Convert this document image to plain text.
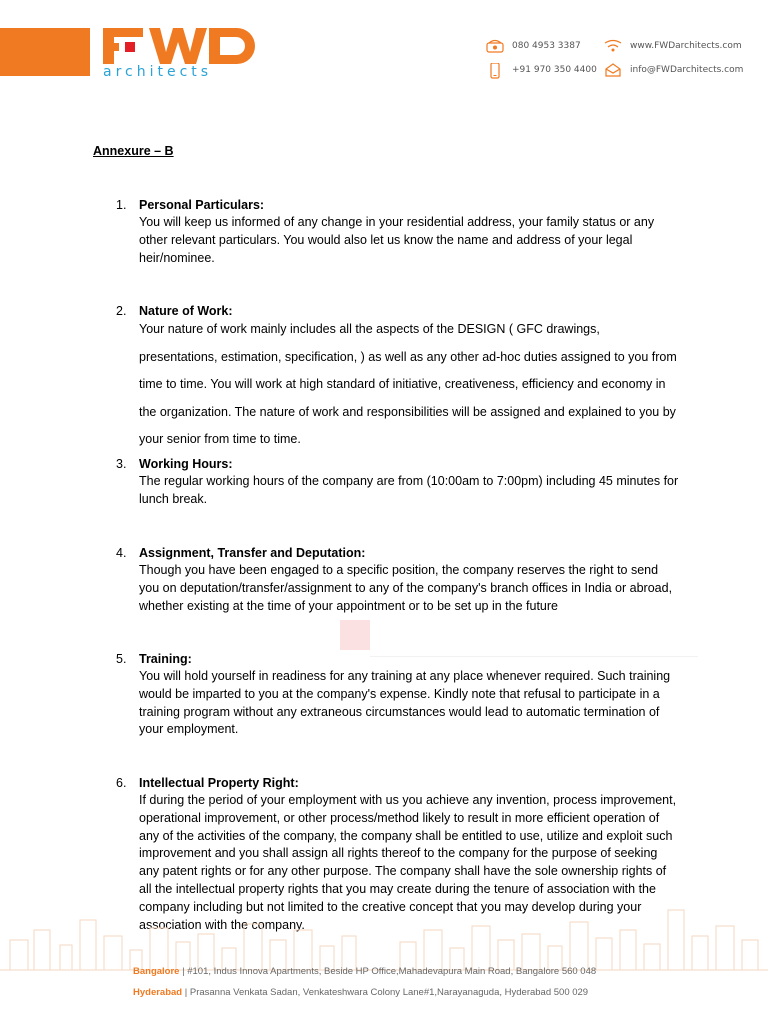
architects
080 4953 3387
+91 970 350 4400
www.FWDarchitects.com
info@FWDarchitects.com
Annexure – B
1. Personal Particulars:
You will keep us informed of any change in your residential address, your family status or any other relevant particulars. You would also let us know the name and address of your legal heir/nominee.
2. Nature of Work:
Your nature of work mainly includes all the aspects of the DESIGN ( GFC drawings, presentations, estimation, specification, ) as well as any other ad-hoc duties assigned to you from time to time. You will work at high standard of initiative, creativeness, efficiency and economy in the organization. The nature of work and responsibilities will be assigned and explained to you by your senior from time to time.
3. Working Hours:
The regular working hours of the company are from (10:00am to 7:00pm) including 45 minutes for lunch break.
4. Assignment, Transfer and Deputation:
Though you have been engaged to a specific position, the company reserves the right to send you on deputation/transfer/assignment to any of the company's branch offices in India or abroad, whether existing at the time of your appointment or to be set up in the future
5. Training:
You will hold yourself in readiness for any training at any place whenever required. Such training would be imparted to you at the company's expense. Kindly note that refusal to participate in a training program without any extraneous circumstances would lead to automatic termination of your employment.
6. Intellectual Property Right:
If during the period of your employment with us you achieve any invention, process improvement, operational improvement, or other process/method likely to result in more efficient operation of any of the activities of the company, the company shall be entitled to use, utilize and exploit such improvement and you shall assign all rights thereof to the company for the purpose of seeking any patent rights or for any other purpose. The company shall have the sole ownership rights of all the intellectual property rights that you may create during the tenure of association with the company including but not limited to the creative concept that you may develop during your association with the company.
Bangalore | #101, Indus Innova Apartments, Beside HP Office,Mahadevapura Main Road, Bangalore 560 048
Hyderabad | Prasanna Venkata Sadan, Venkateshwara Colony Lane#1,Narayanaguda, Hyderabad 500 029
